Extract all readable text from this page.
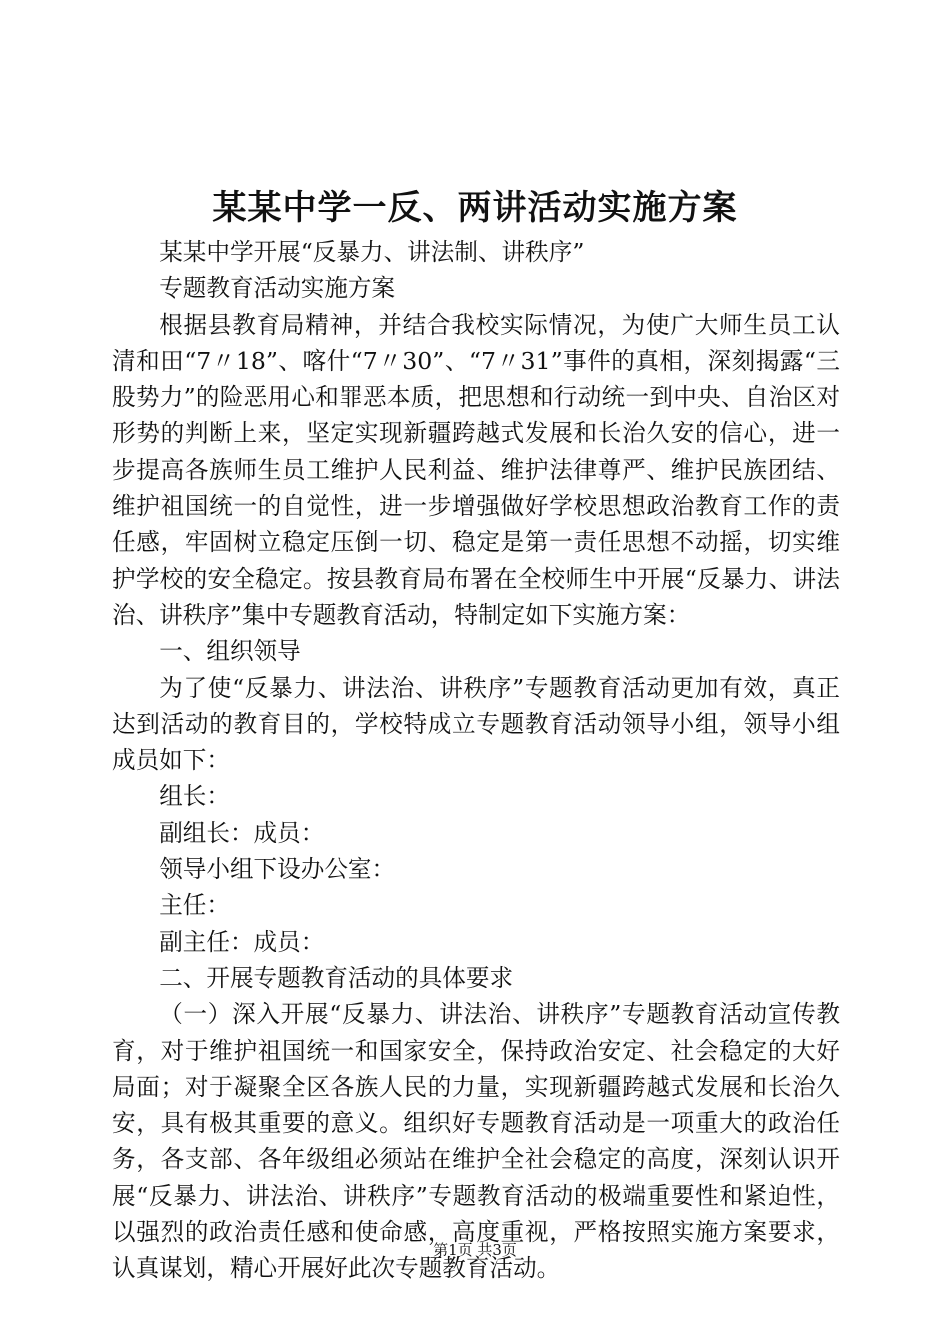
某某中学一反、两讲活动实施方案

某某中学开展“反暴力、讲法制、讲秩序”

专题教育活动实施方案

根据县教育局精神，并结合我校实际情况，为使广大师生员工认清和田“7〃18”、喀什“7〃30”、“7〃31”事件的真相，深刻揭露“三股势力”的险恶用心和罪恶本质，把思想和行动统一到中央、自治区对形势的判断上来，坚定实现新疆跨越式发展和长治久安的信心，进一步提高各族师生员工维护人民利益、维护法律尊严、维护民族团结、维护祖国统一的自觉性，进一步增强做好学校思想政治教育工作的责任感，牢固树立稳定压倒一切、稳定是第一责任思想不动摇，切实维护学校的安全稳定。按县教育局布署在全校师生中开展“反暴力、讲法治、讲秩序”集中专题教育活动，特制定如下实施方案：

一、组织领导

为了使“反暴力、讲法治、讲秩序”专题教育活动更加有效，真正达到活动的教育目的，学校特成立专题教育活动领导小组，领导小组成员如下：

组长：

副组长：成员：

领导小组下设办公室：

主任：

副主任：成员：

二、开展专题教育活动的具体要求

（一）深入开展“反暴力、讲法治、讲秩序”专题教育活动宣传教育，对于维护祖国统一和国家安全，保持政治安定、社会稳定的大好局面；对于凝聚全区各族人民的力量，实现新疆跨越式发展和长治久安，具有极其重要的意义。组织好专题教育活动是一项重大的政治任务，各支部、各年级组必须站在维护全社会稳定的高度，深刻认识开展“反暴力、讲法治、讲秩序”专题教育活动的极端重要性和紧迫性，以强烈的政治责任感和使命感，高度重视，严格按照实施方案要求，认真谋划，精心开展好此次专题教育活动。

第1页 共3页
